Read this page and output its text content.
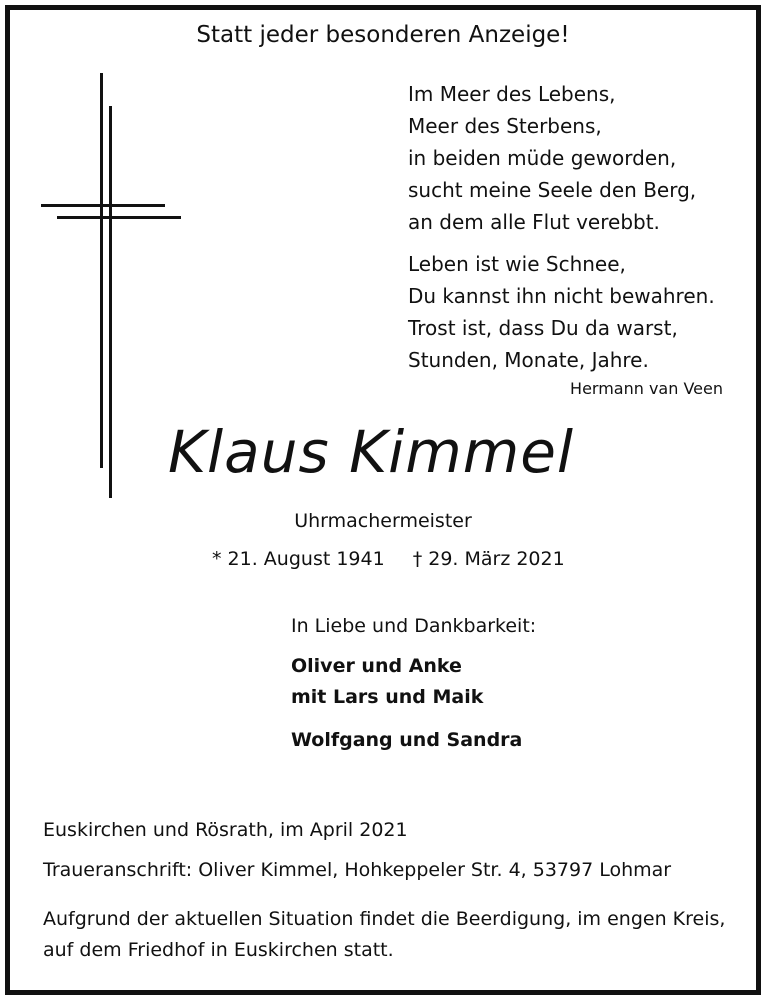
Statt jeder besonderen Anzeige!
Im Meer des Lebens,
Meer des Sterbens,
in beiden müde geworden,
sucht meine Seele den Berg,
an dem alle Flut verebbt.
Leben ist wie Schnee,
Du kannst ihn nicht bewahren.
Trost ist, dass Du da warst,
Stunden, Monate, Jahre.
Hermann van Veen
Klaus Kimmel
Uhrmachermeister
* 21. August 1941 † 29. März 2021
In Liebe und Dankbarkeit:
Oliver und Anke
mit Lars und Maik
Wolfgang und Sandra
Euskirchen und Rösrath, im April 2021
Traueranschrift: Oliver Kimmel, Hohkeppeler Str. 4, 53797 Lohmar
Aufgrund der aktuellen Situation findet die Beerdigung, im engen Kreis, auf dem Friedhof in Euskirchen statt.
